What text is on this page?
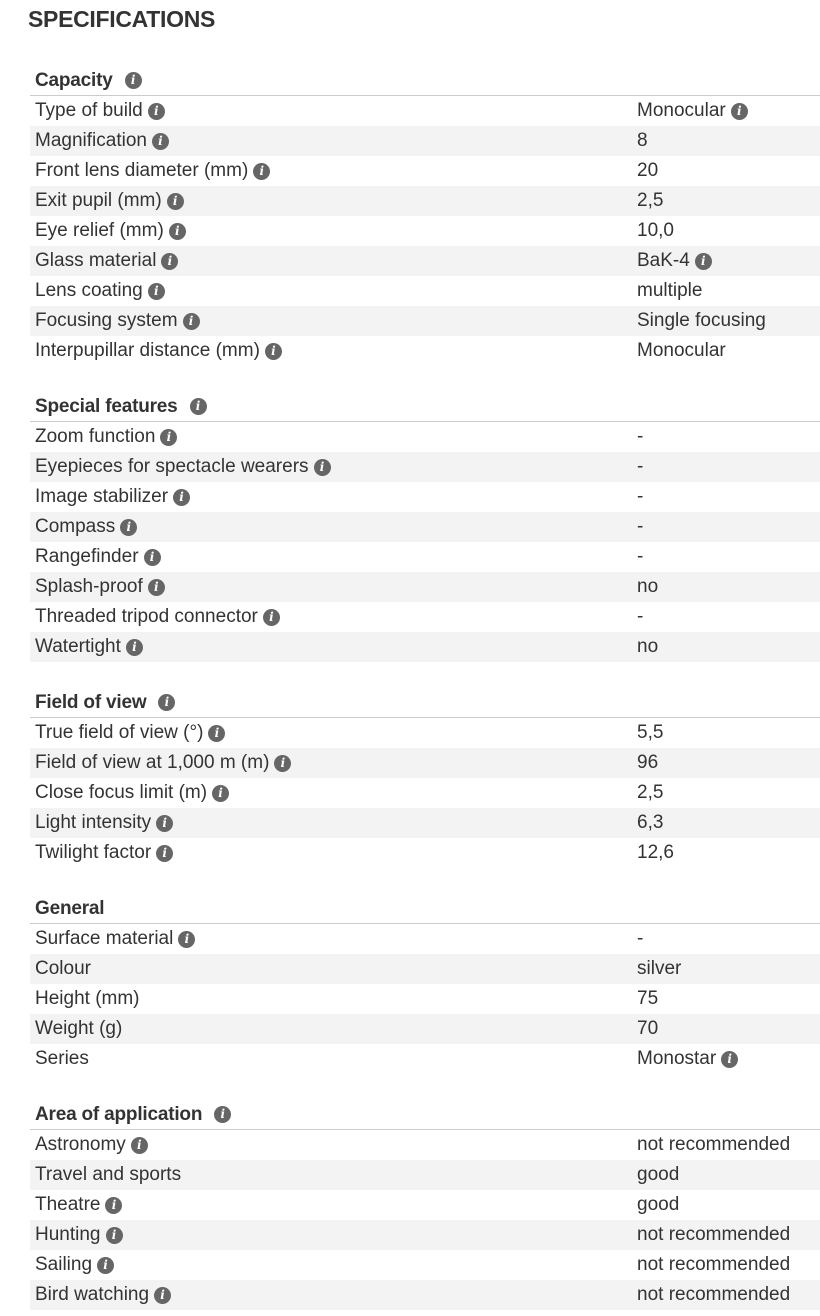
SPECIFICATIONS
Capacity	i
Type of build i	Monocular i
Magnification i	8
Front lens diameter (mm) i	20
Exit pupil (mm) i	2,5
Eye relief (mm) i	10,0
Glass material i	BaK-4 i
Lens coating i	multiple
Focusing system i	Single focusing
Interpupillar distance (mm) i	Monocular
Special features	i
Zoom function i	-
Eyepieces for spectacle wearers i	-
Image stabilizer i	-
Compass i	-
Rangefinder i	-
Splash-proof i	no
Threaded tripod connector i	-
Watertight i	no
Field of view	i
True field of view (°) i	5,5
Field of view at 1,000 m (m) i	96
Close focus limit (m) i	2,5
Light intensity i	6,3
Twilight factor i	12,6
General
Surface material i	-
Colour	silver
Height (mm)	75
Weight (g)	70
Series	Monostar i
Area of application	i
Astronomy i	not recommended
Travel and sports	good
Theatre i	good
Hunting i	not recommended
Sailing i	not recommended
Bird watching i	not recommended
